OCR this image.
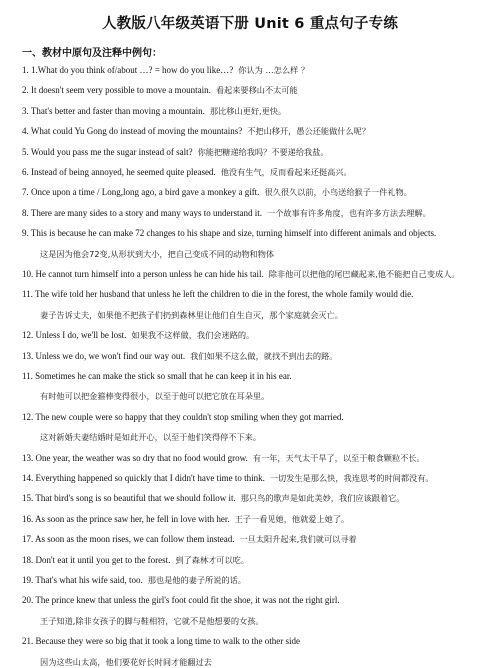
人教版八年级英语下册 Unit 6 重点句子专练
一、教材中原句及注释中例句：
1. 1.What do you think of/about …? = how do you like…? 你认为 …怎么样 ？
2. It doesn't seem very possible to move a mountain. 看起来要移山不太可能
3. That's better and faster than moving a mountain. 那比移山更好,更快。
4. What could Yu Gong do instead of moving the mountains? 不把山移开，愚公还能做什么呢？
5. Would you pass me the sugar instead of salt? 你能把糖递给我吗？不要递给我盐。
6. Instead of being annoyed, he seemed quite pleased. 他没有生气，反而看起来还挺高兴。
7. Once upon a time / Long,long ago, a bird gave a monkey a gift. 很久很久以前，小鸟送给猴子一件礼物。
8. There are many sides to a story and many ways to understand it. 一个故事有许多角度，也有许多方法去理解。
9. This is because he can make 72 changes to his shape and size, turning himself into different animals and objects.
这是因为他会72变,从形状到大小，把自己变成不同的动物和物体
10. He cannot turn himself into a person unless he can hide his tail. 除非他可以把他的尾巴藏起来,他不能把自己变成人。
11. The wife told her husband that unless he left the children to die in the forest, the whole family would die.
妻子告诉丈夫，如果他不把孩子们扔到森林里让他们自生自灭，那个家庭就会灭亡。
12. Unless I do, we'll be lost. 如果我不这样做，我们会迷路的。
13. Unless we do, we won't find our way out. 我们如果不这么做，就找不到出去的路。
11. Sometimes he can make the stick so small that he can keep it in his ear.
有时他可以把金箍棒变得很小，以至于他可以把它放在耳朵里。
12. The new couple were so happy that they couldn't stop smiling when they got married.
这对新婚夫妻结婚时是如此开心，以至于他们笑得停不下来。
13. One year, the weather was so dry that no food would grow. 有一年，天气太干旱了，以至于粮食颗粒不长。
14. Everything happened so quickly that I didn't have time to think. 一切发生是那么快，我连思考的时间都没有。
15. That bird's song is so beautiful that we should follow it. 那只鸟的歌声是如此美妙，我们应该跟着它。
16. As soon as the prince saw her, he fell in love with her. 王子一看见她，他就爱上她了。
17. As soon as the moon rises, we can follow them instead. 一旦太阳升起来,我们就可以寻着
18. Don't eat it until you get to the forest. 到了森林才可以吃。
19. That's what his wife said, too. 那也是他的妻子所说的话。
20. The prince knew that unless the girl's foot could fit the shoe, it was not the right girl.
王子知道,除非女孩子的脚与鞋相符，它就不是他想要的女孩。
21. Because they were so big that it took a long time to walk to the other side
因为这些山太高，他们要花好长时间才能翻过去
